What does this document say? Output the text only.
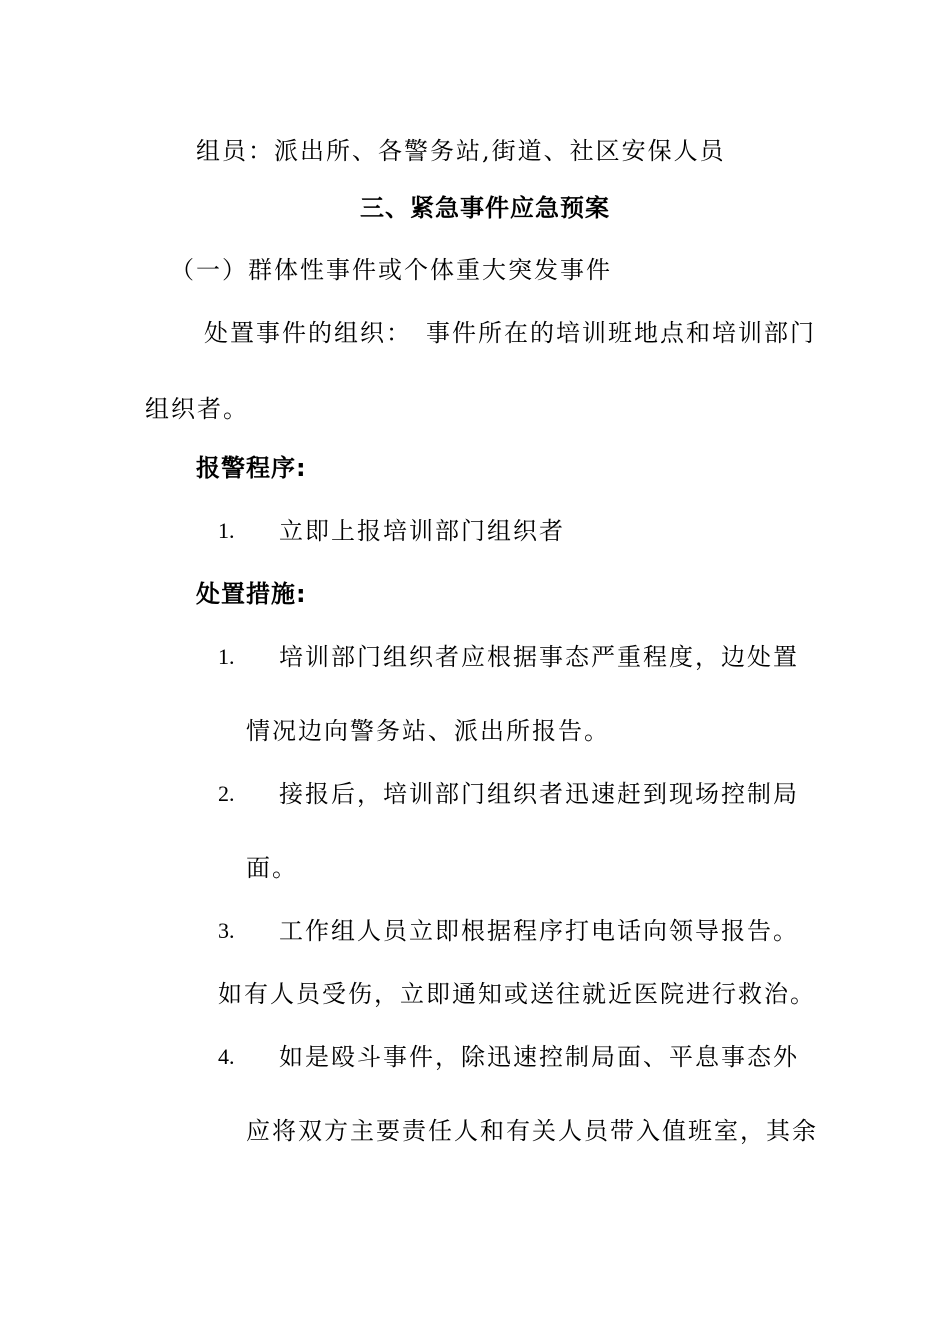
组员：派出所、各警务站,街道、社区安保人员
三、紧急事件应急预案
（一）群体性事件或个体重大突发事件
处置事件的组织：　事件所在的培训班地点和培训部门
组织者。
报警程序:
1. 立即上报培训部门组织者
处置措施:
1. 培训部门组织者应根据事态严重程度，边处置
情况边向警务站、派出所报告。
2. 接报后，培训部门组织者迅速赶到现场控制局
面。
3. 工作组人员立即根据程序打电话向领导报告。
如有人员受伤，立即通知或送往就近医院进行救治。
4. 如是殴斗事件，除迅速控制局面、平息事态外
应将双方主要责任人和有关人员带入值班室，其余
